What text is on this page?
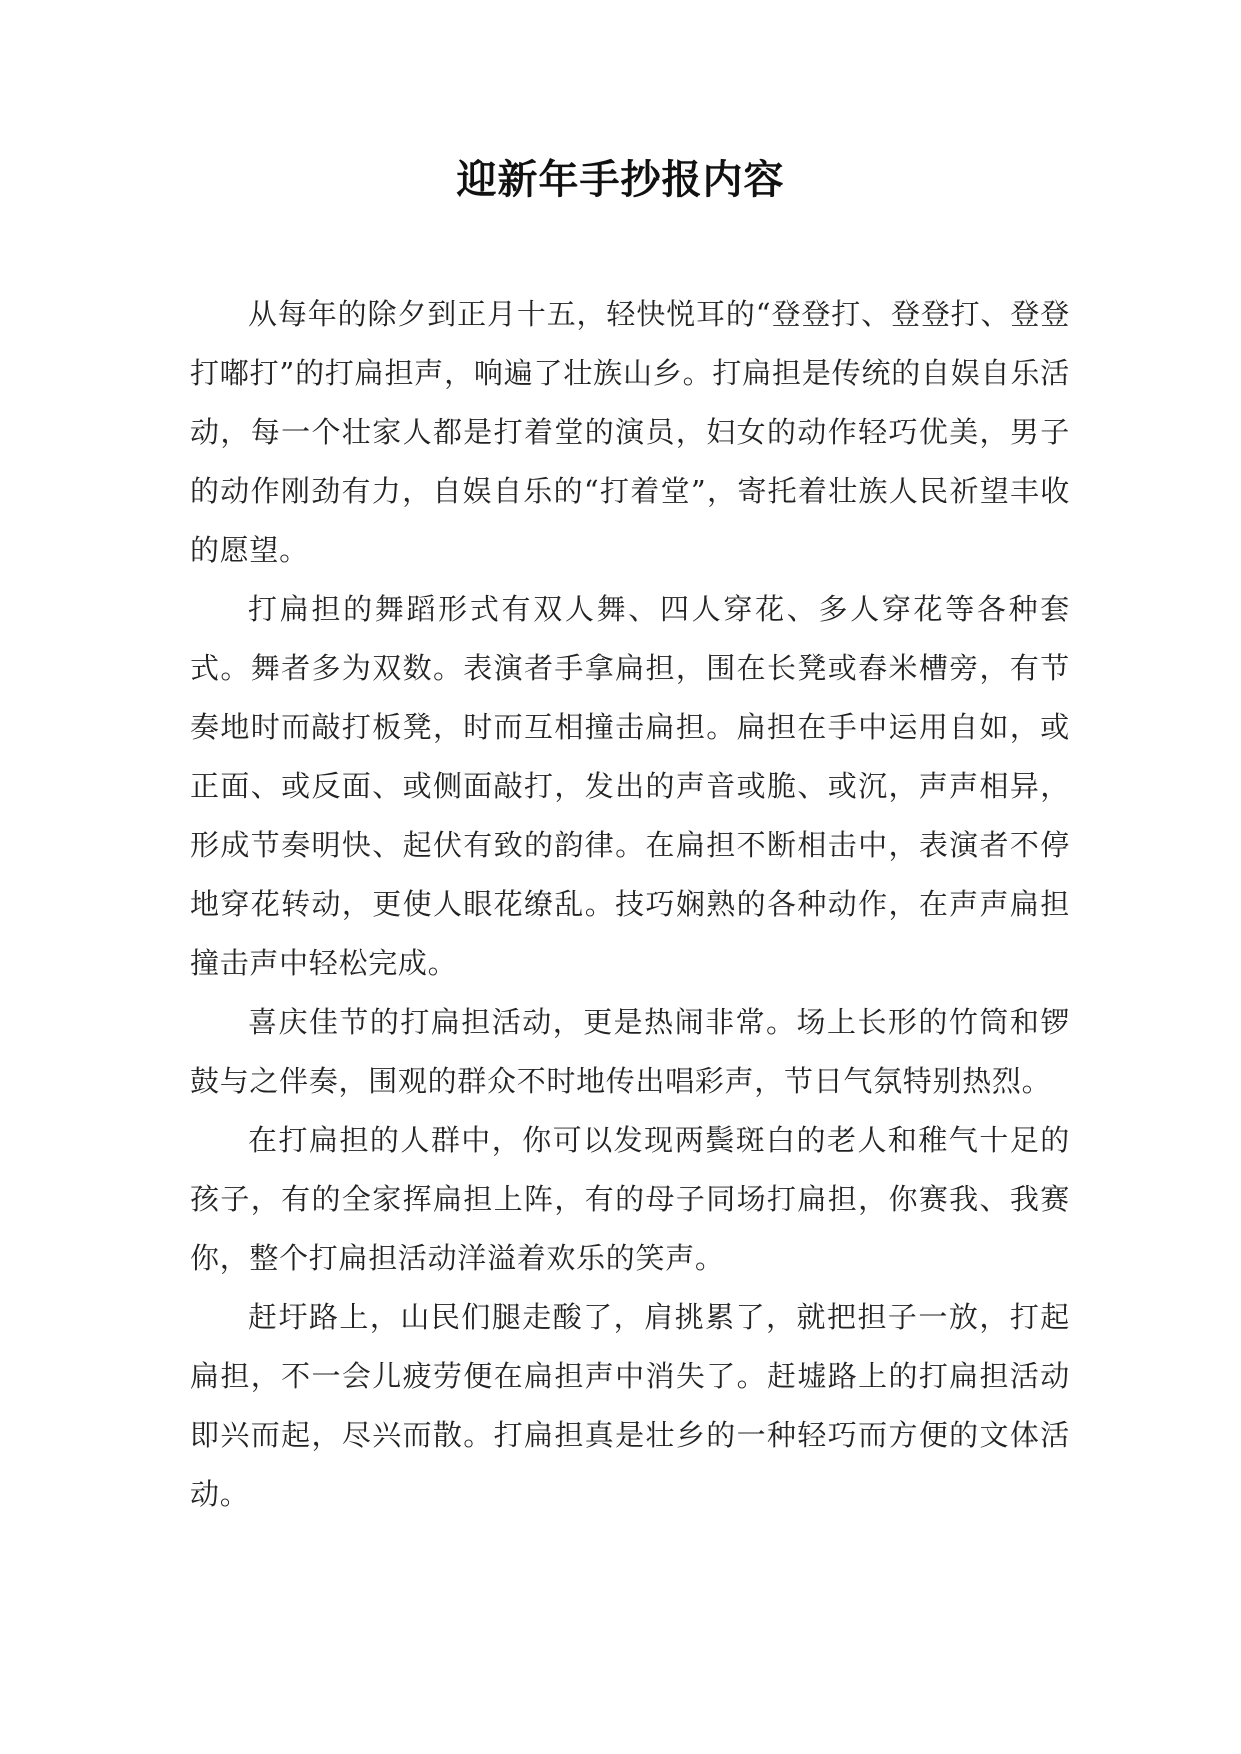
迎新年手抄报内容

从每年的除夕到正月十五，轻快悦耳的“登登打、登登打、登登打嘟打”的打扁担声，响遍了壮族山乡。打扁担是传统的自娱自乐活动，每一个壮家人都是打着堂的演员，妇女的动作轻巧优美，男子的动作刚劲有力，自娱自乐的“打着堂”，寄托着壮族人民祈望丰收的愿望。

打扁担的舞蹈形式有双人舞、四人穿花、多人穿花等各种套式。舞者多为双数。表演者手拿扁担，围在长凳或舂米槽旁，有节奏地时而敲打板凳，时而互相撞击扁担。扁担在手中运用自如，或正面、或反面、或侧面敲打，发出的声音或脆、或沉，声声相异，形成节奏明快、起伏有致的韵律。在扁担不断相击中，表演者不停地穿花转动，更使人眼花缭乱。技巧娴熟的各种动作，在声声扁担撞击声中轻松完成。

喜庆佳节的打扁担活动，更是热闹非常。场上长形的竹筒和锣鼓与之伴奏，围观的群众不时地传出唱彩声，节日气氛特别热烈。

在打扁担的人群中，你可以发现两鬓斑白的老人和稚气十足的孩子，有的全家挥扁担上阵，有的母子同场打扁担，你赛我、我赛你，整个打扁担活动洋溢着欢乐的笑声。

赶圩路上，山民们腿走酸了，肩挑累了，就把担子一放，打起扁担，不一会儿疲劳便在扁担声中消失了。赶墟路上的打扁担活动即兴而起，尽兴而散。打扁担真是壮乡的一种轻巧而方便的文体活动。
